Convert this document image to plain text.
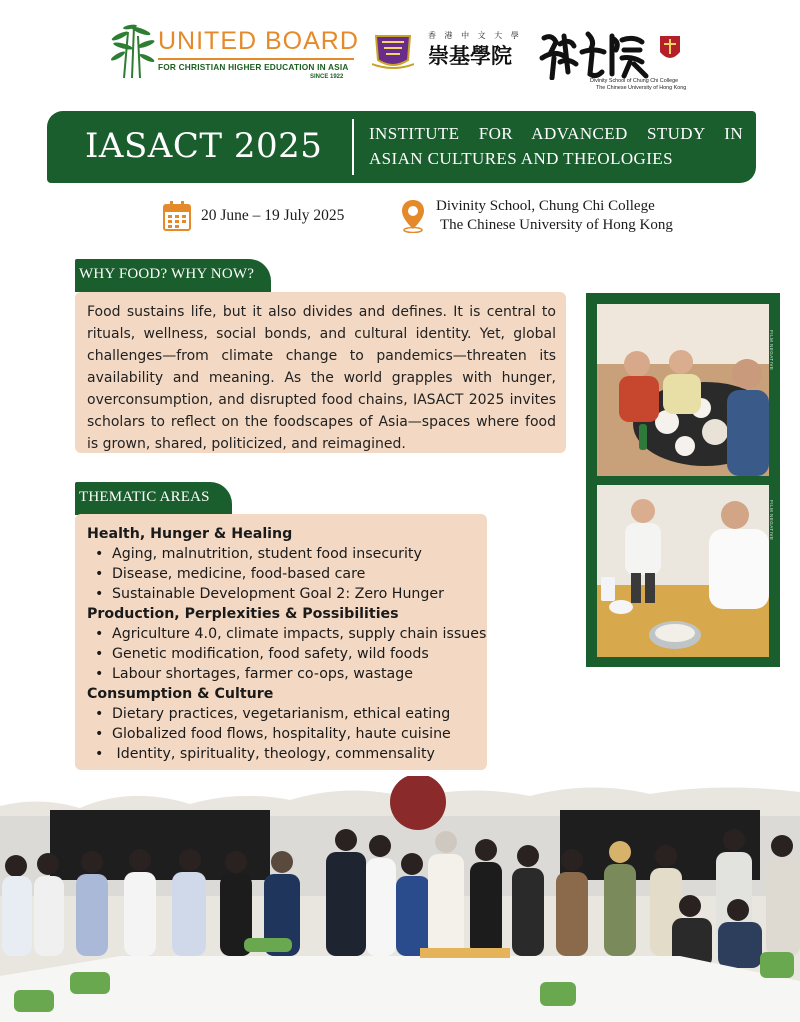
UNITED BOARD
FOR CHRISTIAN HIGHER EDUCATION IN ASIA
SINCE 1922
香 港 中 文 大 學
崇基學院
Divinity School of Chung Chi College
The Chinese University of Hong Kong
IASACT 2025	INSTITUTE FOR ADVANCED STUDY IN
ASIAN CULTURES AND THEOLOGIES
20 June – 19 July 2025
Divinity School, Chung Chi College
The Chinese University of Hong Kong
WHY FOOD? WHY NOW?

Food sustains life, but it also divides and defines. It is central to rituals, wellness, social bonds, and cultural identity. Yet, global challenges—from climate change to pandemics—threaten its availability and meaning. As the world grapples with hunger, overconsumption, and disrupted food chains, IASACT 2025 invites scholars to reflect on the foodscapes of Asia—spaces where food is grown, shared, politicized, and reimagined.

THEMATIC AREAS
Health, Hunger & Healing
• Aging, malnutrition, student food insecurity
• Disease, medicine, food-based care
• Sustainable Development Goal 2: Zero Hunger
Production, Perplexities & Possibilities
• Agriculture 4.0, climate impacts, supply chain issues
• Genetic modification, food safety, wild foods
• Labour shortages, farmer co-ops, wastage
Consumption & Culture
• Dietary practices, vegetarianism, ethical eating
• Globalized food flows, hospitality, haute cuisine
• Identity, spirituality, theology, commensality
FILM NEGATIVE
FILM NEGATIVE
